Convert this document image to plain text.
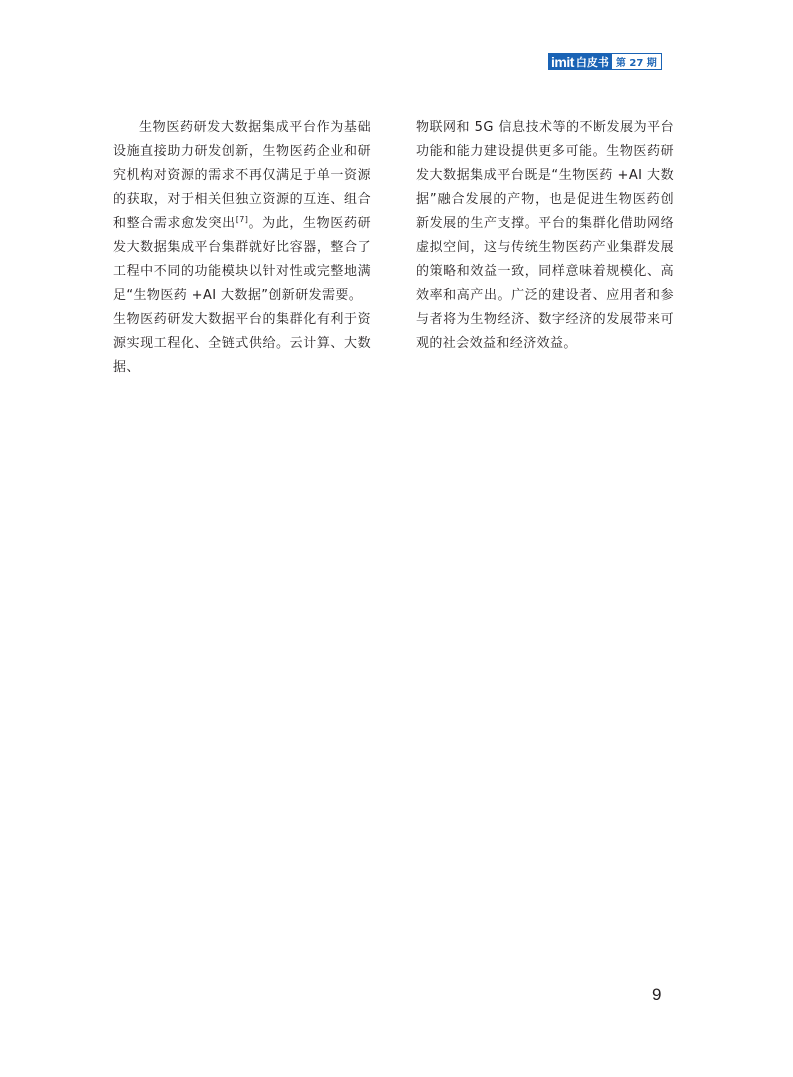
imit 白皮书 第 27 期

生物医药研发大数据集成平台作为基础设施直接助力研发创新，生物医药企业和研究机构对资源的需求不再仅满足于单一资源的获取，对于相关但独立资源的互连、组合和整合需求愈发突出[7]。为此，生物医药研发大数据集成平台集群就好比容器，整合了工程中不同的功能模块以针对性或完整地满足“生物医药 +AI 大数据”创新研发需要。

生物医药研发大数据平台的集群化有利于资源实现工程化、全链式供给。云计算、大数据、

物联网和 5G 信息技术等的不断发展为平台功能和能力建设提供更多可能。生物医药研发大数据集成平台既是“生物医药 +AI 大数据”融合发展的产物，也是促进生物医药创新发展的生产支撑。平台的集群化借助网络虚拟空间，这与传统生物医药产业集群发展的策略和效益一致，同样意味着规模化、高效率和高产出。广泛的建设者、应用者和参与者将为生物经济、数字经济的发展带来可观的社会效益和经济效益。

9
